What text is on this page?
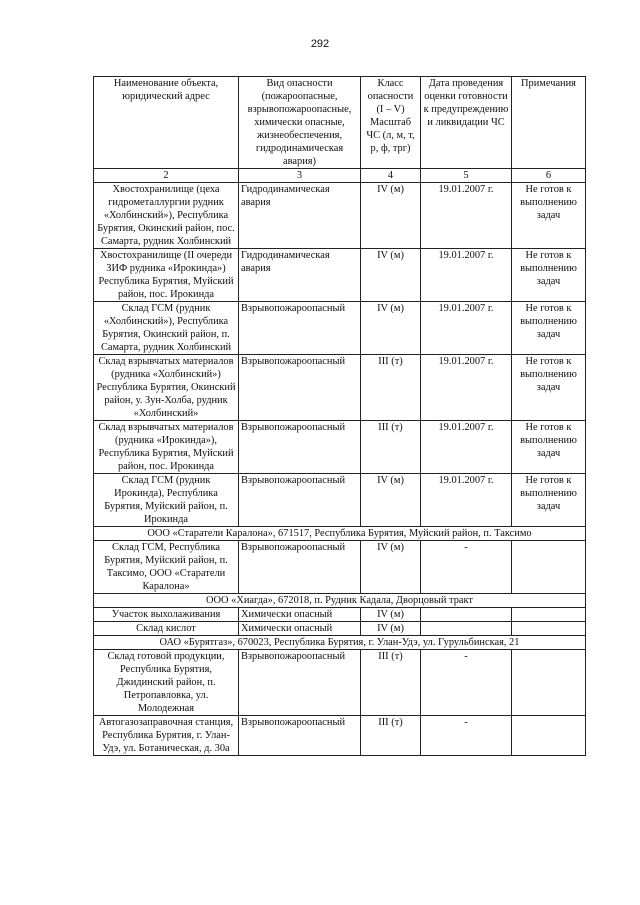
292
Наименование объекта, юридический адрес	Вид опасности (пожароопасные, взрывопожароопасные, химически опасные, жизнеобеспечения, гидродинамическая авария)	Класс опасности (I – V) Масштаб ЧС (л, м, т, р, ф, трг)	Дата проведения оценки готовности к предупреждению и ликвидации ЧС	Примечания
2	3	4	5	6
Хвостохранилище (цеха гидрометаллургии рудник «Холбинский»), Республика Бурятия, Окинский район, пос. Самарта, рудник Холбинский	Гидродинамическая авария	IV (м)	19.01.2007 г.	Не готов к выполнению задач
Хвостохранилище (II очереди ЗИФ рудника «Ирокинда») Республика Бурятия, Муйский район, пос. Ирокинда	Гидродинамическая авария	IV (м)	19.01.2007 г.	Не готов к выполнению задач
Склад ГСМ (рудник «Холбинский»), Республика Бурятия, Окинский район, п. Самарта, рудник Холбинский	Взрывопожароопасный	IV (м)	19.01.2007 г.	Не готов к выполнению задач
Склад взрывчатых материалов (рудника «Холбинский») Республика Бурятия, Окинский район, у. Зун-Холба, рудник «Холбинский»	Взрывопожароопасный	III (т)	19.01.2007 г.	Не готов к выполнению задач
Склад взрывчатых материалов (рудника «Ирокинда»), Республика Бурятия, Муйский район, пос. Ирокинда	Взрывопожароопасный	III (т)	19.01.2007 г.	Не готов к выполнению задач
Склад ГСМ (рудник Ирокинда), Республика Бурятия, Муйский район, п. Ирокинда	Взрывопожароопасный	IV (м)	19.01.2007 г.	Не готов к выполнению задач
ООО «Старатели Каралона», 671517, Республика Бурятия, Муйский район, п. Таксимо				
Склад ГСМ, Республика Бурятия, Муйский район, п. Таксимо, ООО «Старатели Каралона»	Взрывопожароопасный	IV (м)	-	
ООО «Хиагда», 672018, п. Рудник Кадала, Дворцовый тракт				
Участок выхолаживания	Химически опасный	IV (м)		
Склад кислот	Химически опасный	IV (м)		
ОАО «Бурятгаз», 670023, Республика Бурятия, г. Улан-Удэ, ул. Гурульбинская, 21				
Склад готовой продукции, Республика Бурятия, Джидинский район, п. Петропавловка, ул. Молодежная	Взрывопожароопасный	III (т)	-	
Автогазозаправочная станция, Республика Бурятия, г. Улан-Удэ, ул. Ботаническая, д. 30а	Взрывопожароопасный	III (т)	-	
